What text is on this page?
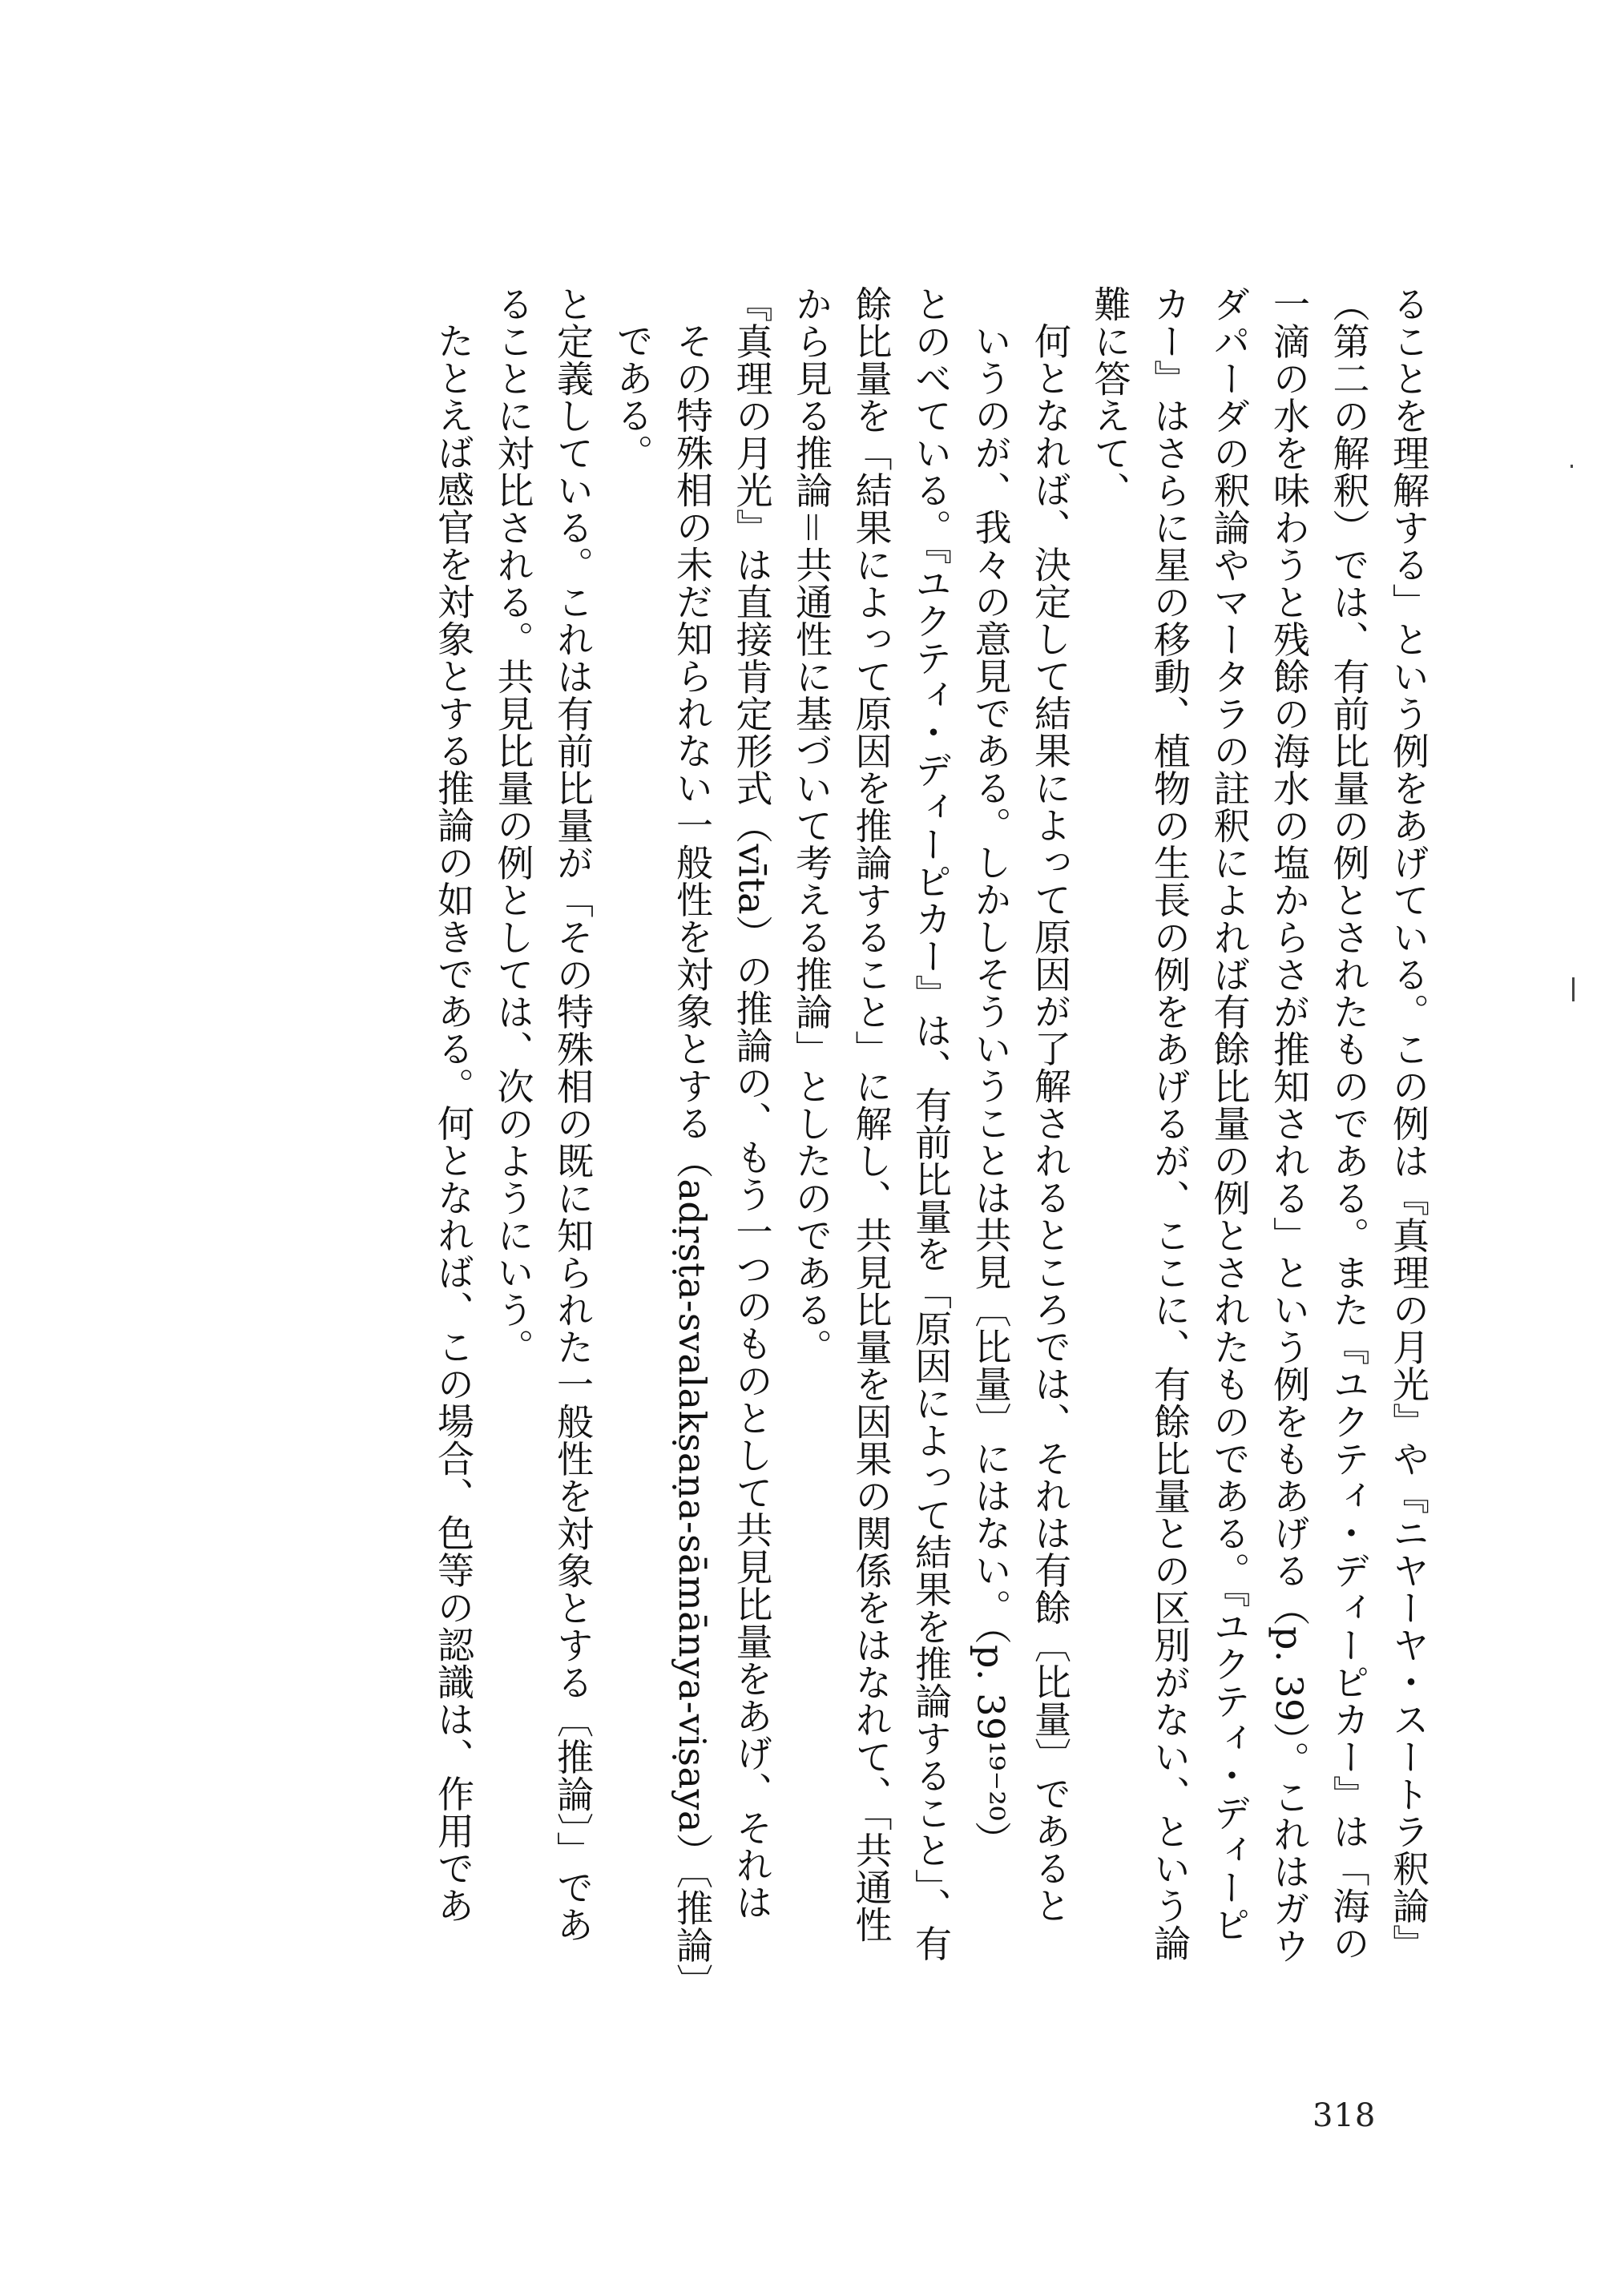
ることを理解する」という例をあげている。この例は『真理の月光』や『ニヤーヤ・スートラ釈論』
（第二の解釈）では、有前比量の例とされたものである。また『ユクティ・ディーピカー』は「海の
一滴の水を味わうと残餘の海水の塩からさが推知される」という例をもあげる（p. 39）。これはガウ
ダパーダの釈論やマータラの註釈によれば有餘比量の例とされたものである。『ユクティ・ディーピ
カー』はさらに星の移動、植物の生長の例をあげるが、ここに、有餘比量との区別がない、という論
難に答えて、
何となれば、決定して結果によって原因が了解されるところでは、それは有餘〔比量〕であると
いうのが、我々の意見である。しかしそういうことは共見〔比量〕にはない。（p. 39¹⁹⁻²⁰）
とのべている。『ユクティ・ディーピカー』は、有前比量を「原因によって結果を推論すること」、有
餘比量を「結果によって原因を推論すること」に解し、共見比量を因果の関係をはなれて、「共通性
から見る推論＝共通性に基づいて考える推論」としたのである。
『真理の月光』は直接肯定形式（vīta）の推論の、もう一つのものとして共見比量をあげ、それは
その特殊相の未だ知られない一般性を対象とする（adṛṣṭa-svalakṣaṇa-sāmānya-viṣaya）〔推論〕
である。
と定義している。これは有前比量が「その特殊相の既に知られた一般性を対象とする〔推論〕」であ
ることに対比される。共見比量の例としては、次のようにいう。
たとえば感官を対象とする推論の如きである。何となれば、この場合、色等の認識は、作用であ
318
